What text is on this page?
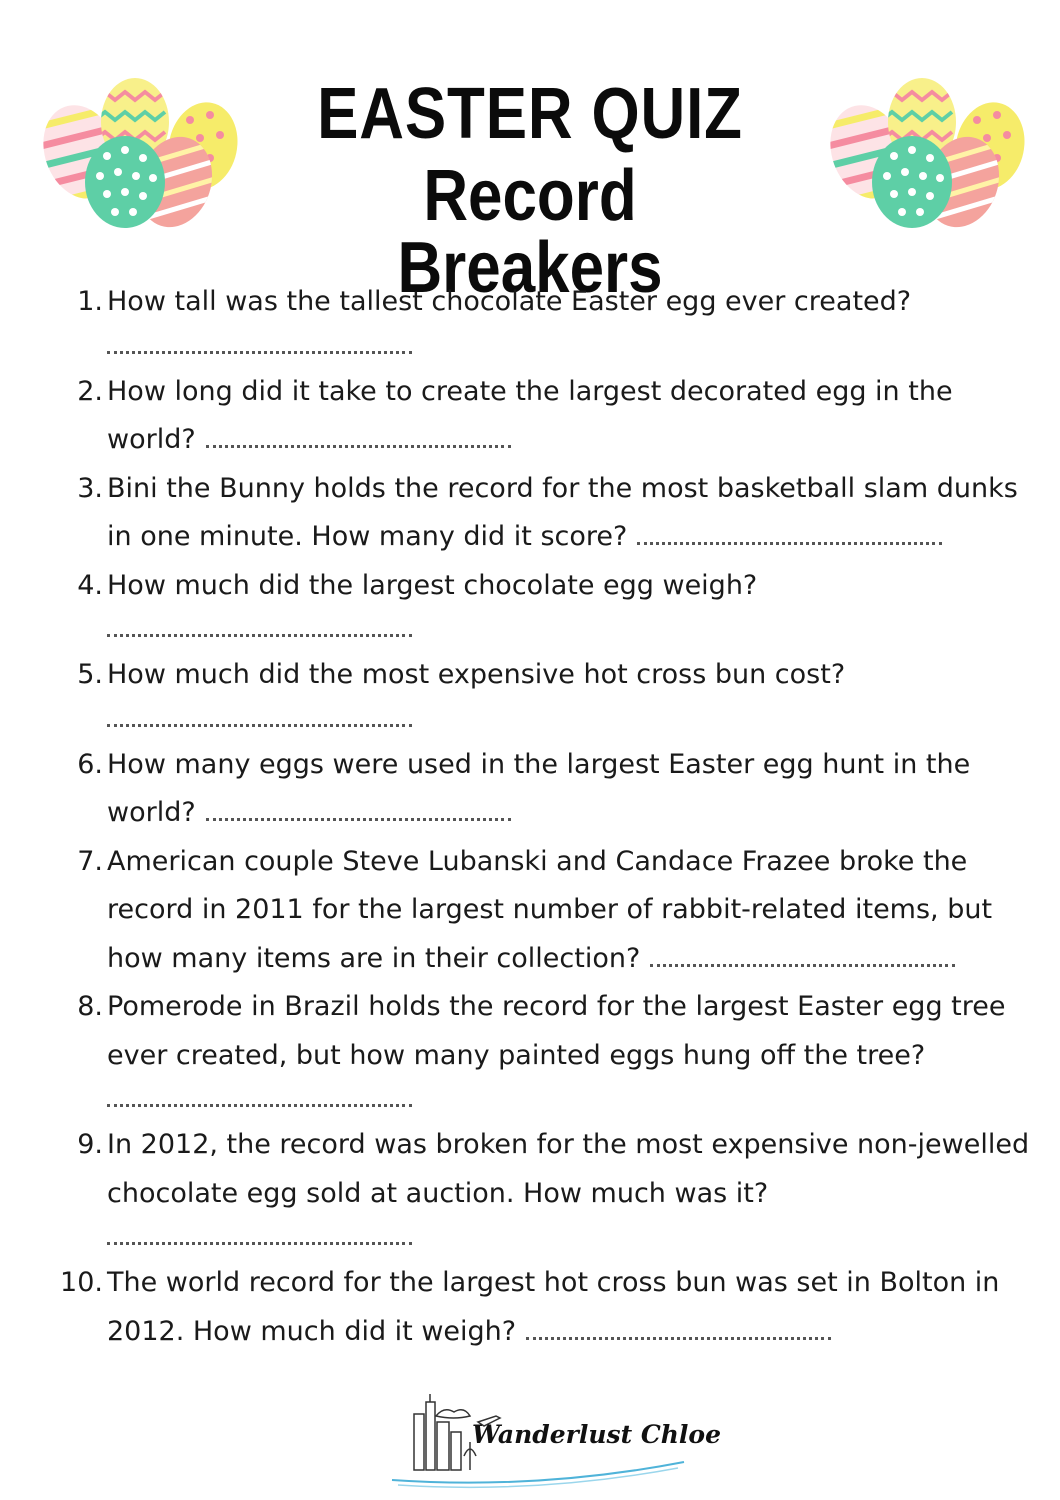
EASTER QUIZ
Record Breakers
1. How tall was the tallest chocolate Easter egg ever created?
2. How long did it take to create the largest decorated egg in the world?
3. Bini the Bunny holds the record for the most basketball slam dunks in one minute. How many did it score?
4. How much did the largest chocolate egg weigh?
5. How much did the most expensive hot cross bun cost?
6. How many eggs were used in the largest Easter egg hunt in the world?
7. American couple Steve Lubanski and Candace Frazee broke the record in 2011 for the largest number of rabbit-related items, but how many items are in their collection?
8. Pomerode in Brazil holds the record for the largest Easter egg tree ever created, but how many painted eggs hung off the tree?
9. In 2012, the record was broken for the most expensive non-jewelled chocolate egg sold at auction. How much was it?
10. The world record for the largest hot cross bun was set in Bolton in 2012. How much did it weigh?
Wanderlust Chloe
